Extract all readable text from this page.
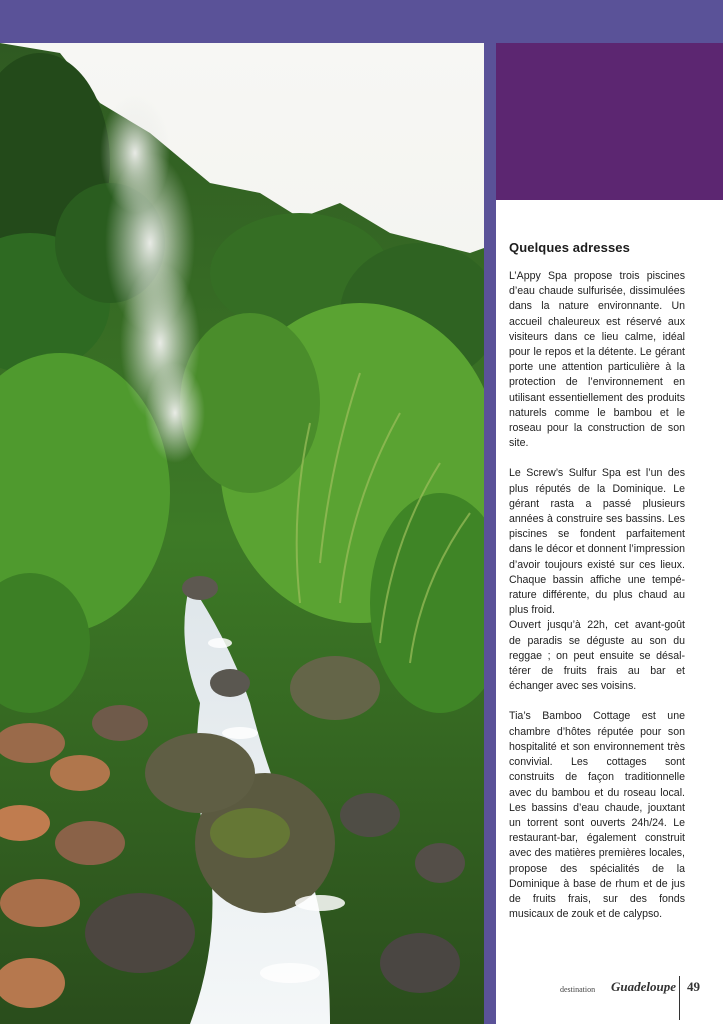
Quelques adresses

L’Appy Spa propose trois piscines d’eau chaude sulfurisée, dissimulées dans la nature environnante. Un accueil chaleureux est réservé aux visiteurs dans ce lieu calme, idéal pour le repos et la détente. Le gérant porte une attention particulière à la protection de l’environnement en utilisant essentiellement des produits naturels comme le bambou et le roseau pour la construction de son site.

Le Screw’s Sulfur Spa est l’un des plus réputés de la Dominique. Le gérant rasta a passé plusieurs années à construire ses bassins. Les piscines se fondent parfaitement dans le décor et donnent l’impression d’avoir toujours existé sur ces lieux. Chaque bassin affiche une tempé-rature différente, du plus chaud au plus froid.

Ouvert jusqu’à 22h, cet avant-goût de paradis se déguste au son du reggae ; on peut ensuite se désal-térer de fruits frais au bar et échanger avec ses voisins.

Tia’s Bamboo Cottage est une chambre d’hôtes réputée pour son hospitalité et son environnement très convivial. Les cottages sont construits de façon traditionnelle avec du bambou et du roseau local. Les bassins d’eau chaude, jouxtant un torrent sont ouverts 24h/24. Le restaurant-bar, également construit avec des matières premières locales, propose des spécialités de la Dominique à base de rhum et de jus de fruits frais, sur des fonds musicaux de zouk et de calypso.

destination Guadeloupe 49
